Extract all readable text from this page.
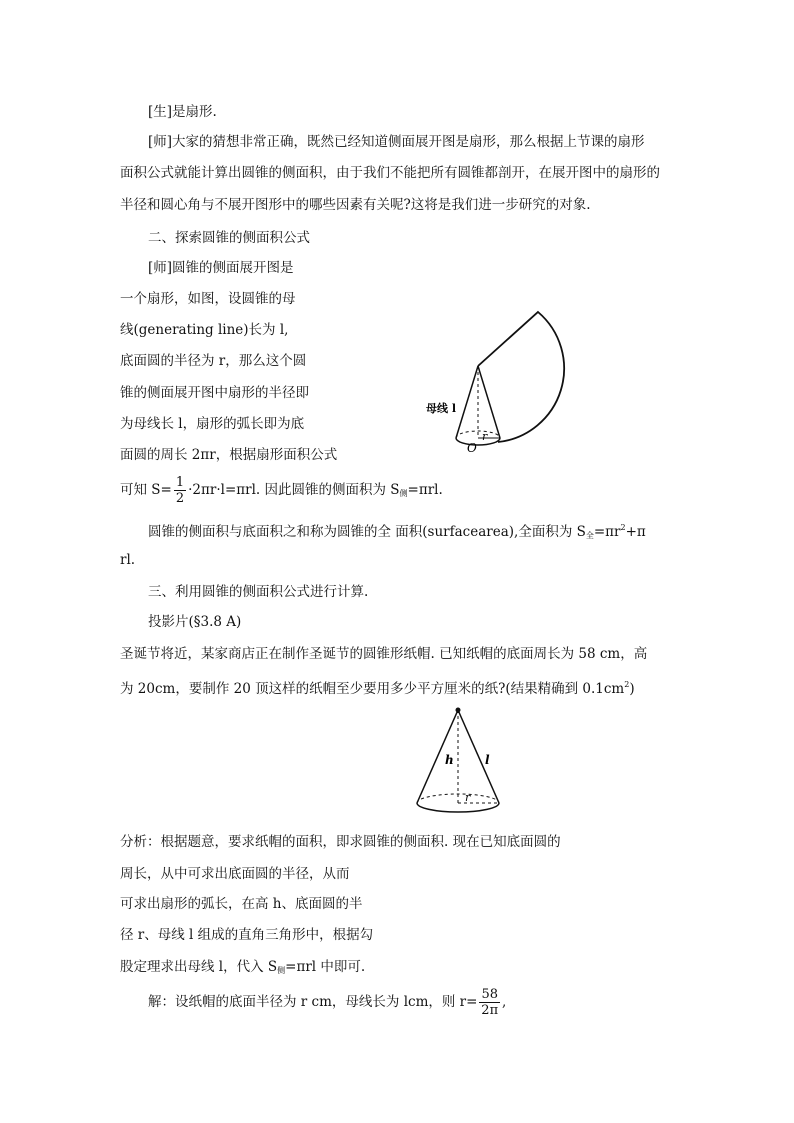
[生]是扇形.
[师]大家的猜想非常正确，既然已经知道侧面展开图是扇形，那么根据上节课的扇形
面积公式就能计算出圆锥的侧面积，由于我们不能把所有圆锥都剖开，在展开图中的扇形的
半径和圆心角与不展开图形中的哪些因素有关呢?这将是我们进一步研究的对象.
二、探索圆锥的侧面积公式
[师]圆锥的侧面展开图是
一个扇形，如图，设圆锥的母
线(generating line)长为 l,
底面圆的半径为 r，那么这个圆
锥的侧面展开图中扇形的半径即
为母线长 l，扇形的弧长即为底
面圆的周长 2πr，根据扇形面积公式
可知 $S= \frac{1}{2} \cdot 2\pi r\cdot l=\pi rl$. 因此圆锥的侧面积为 $S_侧=\pi rl$.
圆锥的侧面积与底面积之和称为圆锥的全 面积(surfacearea),全面积为 $S_全=\pi r^2+\pi$
rl.
三、利用圆锥的侧面积公式进行计算.
投影片(§3.8 A)
圣诞节将近，某家商店正在制作圣诞节的圆锥形纸帽. 已知纸帽的底面周长为 58 cm，高
为 20cm，要制作 20 顶这样的纸帽至少要用多少平方厘米的纸?(结果精确到 $0.1cm^2$)
分析：根据题意，要求纸帽的面积，即求圆锥的侧面积. 现在已知底面圆的
周长，从中可求出底面圆的半径，从而
可求出扇形的弧长，在高 h、底面圆的半
径 r、母线 l 组成的直角三角形中，根据勾
股定理求出母线 l，代入 $S_侧=\pi rl$ 中即可.
解：设纸帽的底面半径为 r cm，母线长为 lcm，则 $r= \frac{58}{2\pi}$ ,
母线 l
r
O
h	l
r
